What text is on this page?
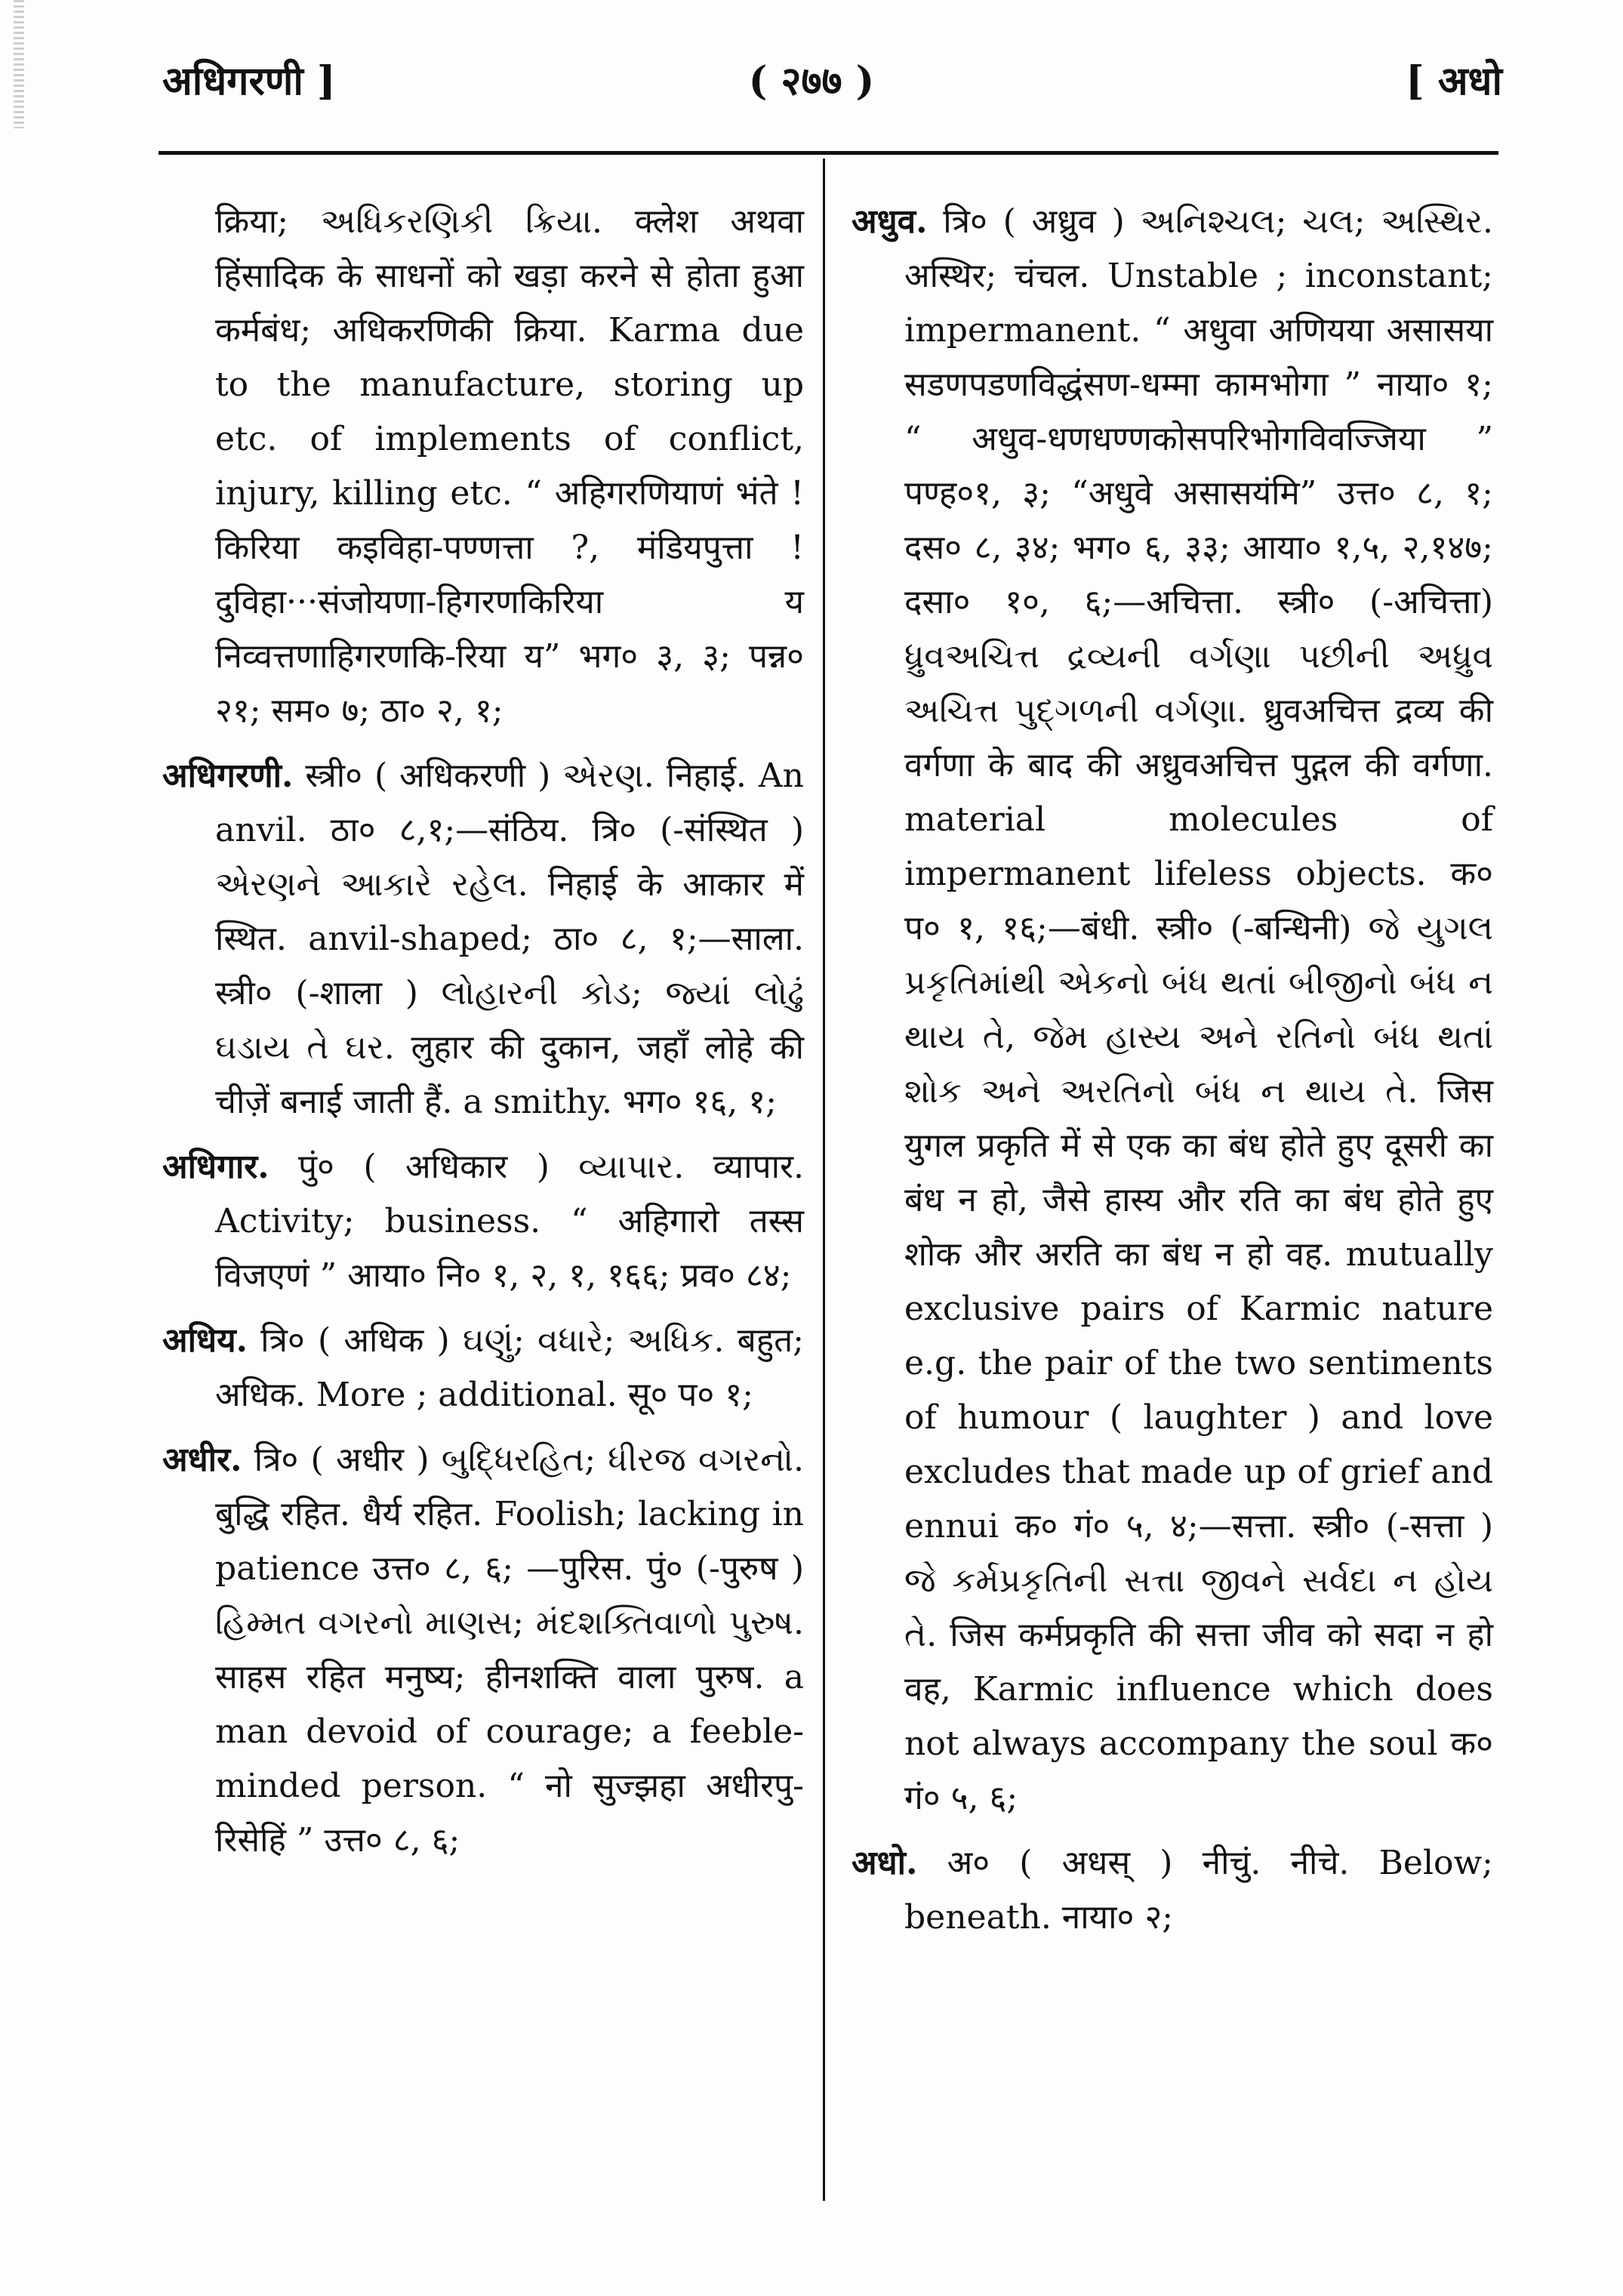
अधिगरणी ]	( २७७ )	[ अधो

क्रिया; અધિકરણિકી ક્રિયા. क्लेश अथवा हिंसादिक के साधनों को खड़ा करने से होता हुआ कर्मबंध; अधिकरणिकी क्रिया. Karma due to the manufacture, storing up etc. of implements of conflict, injury, killing etc. “ अहिगरणियाणं भंते ! किरिया कइविहा-पण्णत्ता ?, मंडियपुत्ता ! दुविहा···संजोयणा-हिगरणकिरिया य निव्वत्तणाहिगरणकि-रिया य” भग० ३, ३; पन्न० २१; सम० ७; ठा० २, १;

अधिगरणी. स्त्री० ( अधिकरणी ) એરણ. निहाई. An anvil. ठा० ८,१;—संठिय. त्रि० (-संस्थित ) એરણને આકારે રહેલ. निहाई के आकार में स्थित. anvil-shaped; ठा० ८, १;—साला. स्त्री० (-शाला ) લોહારની કોડ; જ્યાં લોઢું ઘડાય તે ઘર. लुहार की दुकान, जहाँ लोहे की चीज़ें बनाई जाती हैं. a smithy. भग० १६, १;

अधिगार. पुं० ( अधिकार ) વ્યાપાર. व्यापार. Activity; business. “ अहिगारो तस्स विजएणं ” आया० नि० १, २, १, १६६; प्रव० ८४;

अधिय. त्रि० ( अधिक ) ઘણું; વધારે; અધિક. बहुत; अधिक. More ; additional. सू० प० १;

अधीर. त्रि० ( अधीर ) બુદ્ધિરહિત; ધીરજ વગરનો. बुद्धि रहित. धैर्य रहित. Foolish; lacking in patience उत्त० ८, ६; —पुरिस. पुं० (-पुरुष ) હિમ્મત વગરનો માણસ; મંદશક્તિવાળો પુરુષ. साहस रहित मनुष्य; हीनशक्ति वाला पुरुष. a man devoid of courage; a feeble-minded person. “ नो सुज्झहा अधीरपु-रिसेहिं ” उत्त० ८, ६;

अधुव. त्रि० ( अध्रुव ) અનિશ્ચલ; ચલ; અસ્થિર. अस्थिर; चंचल. Unstable ; inconstant; impermanent. “ अधुवा अणियया असासया सडणपडणविद्धंसण-धम्मा कामभोगा ” नाया० १; “ अधुव-धणधण्णकोसपरिभोगविवज्जिया ” पण्ह०१, ३; “अधुवे असासयंमि” उत्त० ८, १; दस० ८, ३४; भग० ६, ३३; आया० १,५, २,१४७; दसा० १०, ६;—अचित्ता. स्त्री० (-अचित्ता) ધ્રુવઅચિત્ત દ્રવ્યની વર્ગણા પછીની અધ્રુવ અચિત્ત પુદ્ગળની વર્ગણા. ध्रुवअचित्त द्रव्य की वर्गणा के बाद की अध्रुवअचित्त पुद्गल की वर्गणा. material molecules of impermanent lifeless objects. क० प० १, १६;—बंधी. स्त्री० (-बन्धिनी) જે યુગલ પ્રકૃતિમાંથી એકનો બંધ થતાં બીજીનો બંધ ન થાય તે, જેમ હાસ્ય અને રતિનો બંધ થતાં શોક અને અરતિનો બંધ ન થાય તે. जिस युगल प्रकृति में से एक का बंध होते हुए दूसरी का बंध न हो, जैसे हास्य और रति का बंध होते हुए शोक और अरति का बंध न हो वह. mutually exclusive pairs of Karmic nature e.g. the pair of the two sentiments of humour ( laughter ) and love excludes that made up of grief and ennui क० गं० ५, ४;—सत्ता. स्त्री० (-सत्ता ) જે કર્મપ્રકૃતિની સત્તા જીવને સર્વદા ન હોય તે. जिस कर्मप्रकृति की सत्ता जीव को सदा न हो वह, Karmic influence which does not always accompany the soul क० गं० ५, ६;

अधो. अ० ( अधस् ) नीचुं. नीचे. Below; beneath. नाया० २;
